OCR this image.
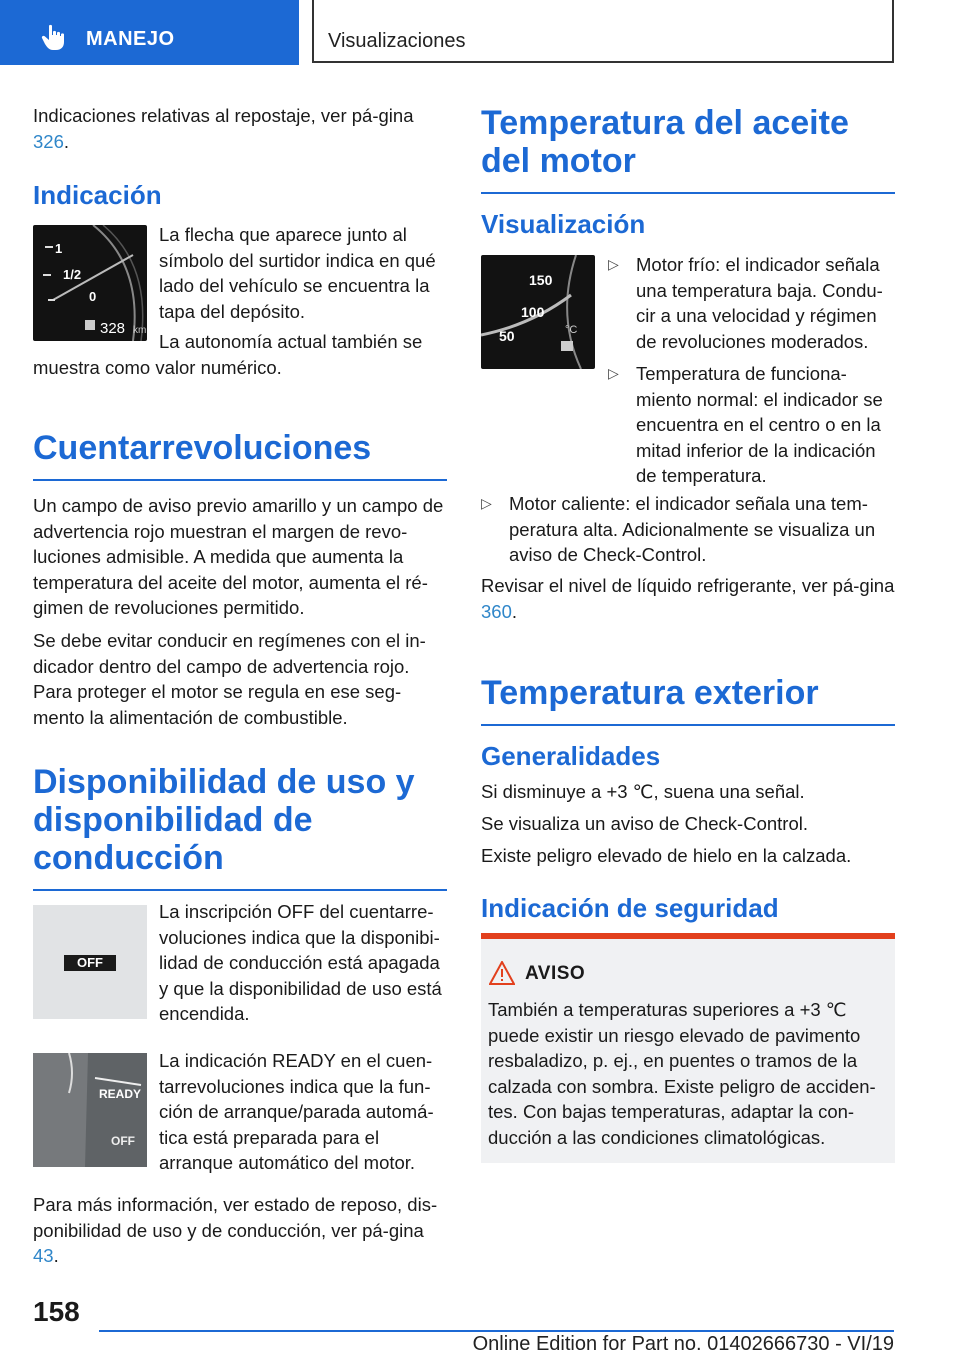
MANEJO	Visualizaciones

Indicaciones relativas al repostaje, ver pá-gina 326.

Indicación
1
1/2
0
328 km

La flecha que aparece junto al símbolo del surtidor indica en qué lado del vehículo se encuentra la tapa del depósito.

La autonomía actual también se

muestra como valor numérico.

Cuentarrevoluciones

Un campo de aviso previo amarillo y un campo de advertencia rojo muestran el margen de revo-luciones admisible. A medida que aumenta la temperatura del aceite del motor, aumenta el ré-gimen de revoluciones permitido.

Se debe evitar conducir en regímenes con el in-dicador dentro del campo de advertencia rojo. Para proteger el motor se regula en ese seg-mento la alimentación de combustible.

Disponibilidad de uso y disponibilidad de conducción
OFF

La inscripción OFF del cuentarre-voluciones indica que la disponibi-lidad de conducción está apagada y que la disponibilidad de uso está encendida.

READY
OFF

La indicación READY en el cuen-tarrevoluciones indica que la fun-ción de arranque/parada automá-tica está preparada para el arranque automático del motor.

Para más información, ver estado de reposo, dis-ponibilidad de uso y de conducción, ver pá-gina 43.

Temperatura del aceite del motor
Visualización
150
100
50	°C
▷ Motor frío: el indicador señala una temperatura baja. Condu-cir a una velocidad y régimen de revoluciones moderados.
▷ Temperatura de funciona-miento normal: el indicador se encuentra en el centro o en la mitad inferior de la indicación de temperatura.
▷ Motor caliente: el indicador señala una tem-peratura alta. Adicionalmente se visualiza un aviso de Check-Control.

Revisar el nivel de líquido refrigerante, ver pá-gina 360.

Temperatura exterior
Generalidades

Si disminuye a +3 ℃, suena una señal.

Se visualiza un aviso de Check-Control.

Existe peligro elevado de hielo en la calzada.

Indicación de seguridad
AVISO
También a temperaturas superiores a +3 ℃ puede existir un riesgo elevado de pavimento resbaladizo, p. ej., en puentes o tramos de la calzada con sombra. Existe peligro de acciden-tes. Con bajas temperaturas, adaptar la con-ducción a las condiciones climatológicas.
158
Online Edition for Part no. 01402666730 - VI/19
